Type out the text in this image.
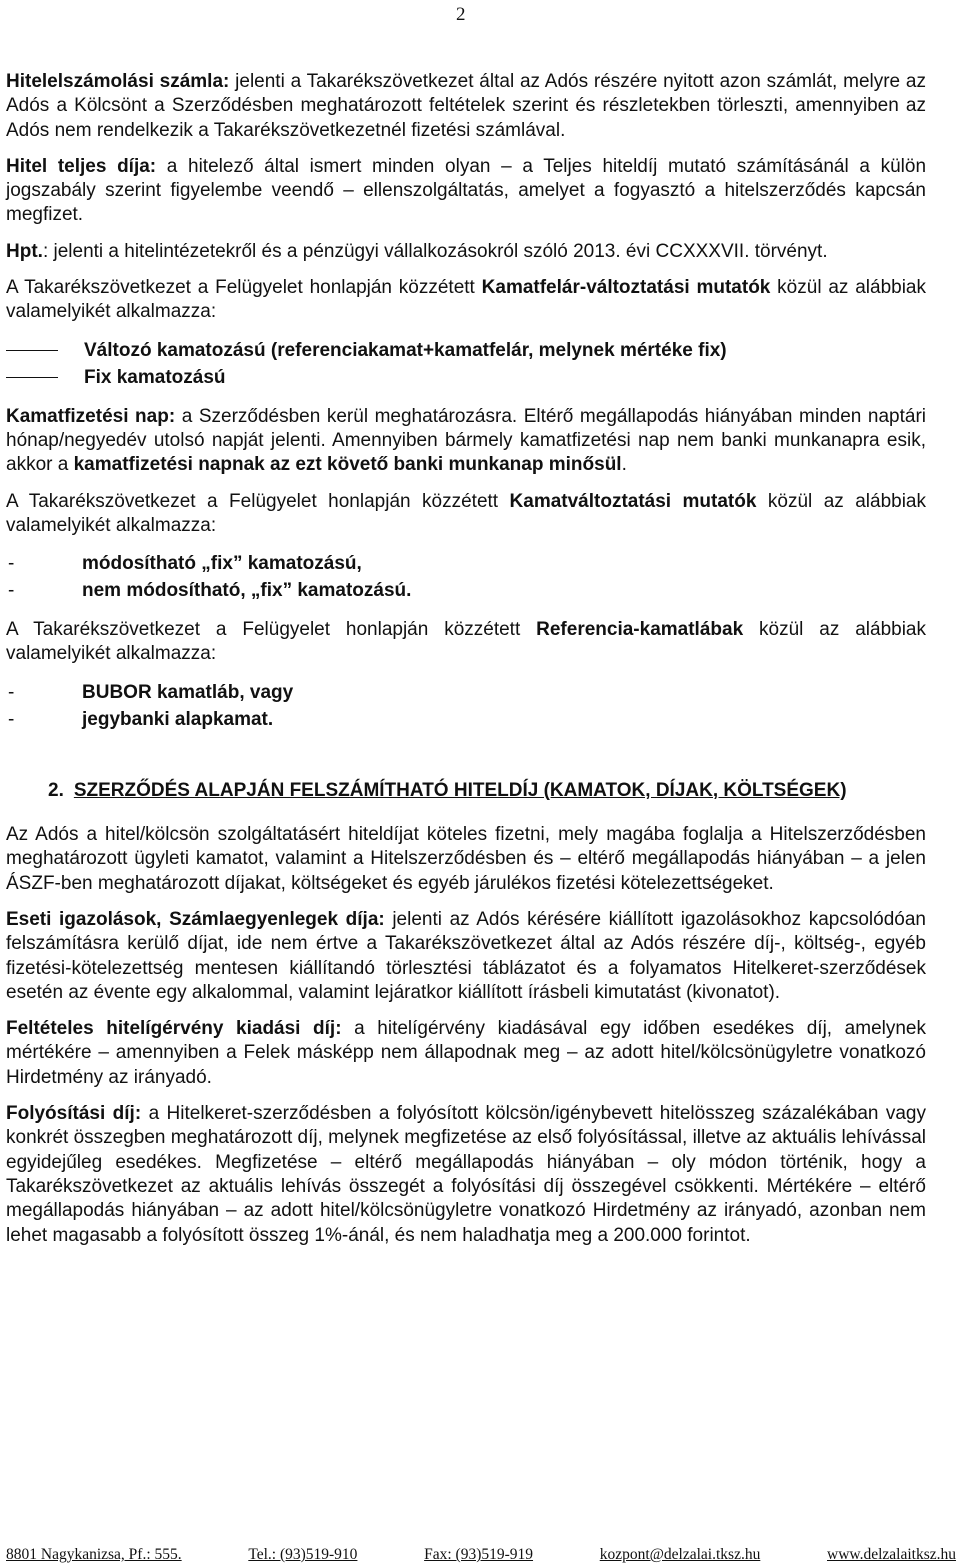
2

Hitelelszámolási számla: jelenti a Takarékszövetkezet által az Adós részére nyitott azon számlát, melyre az Adós a Kölcsönt a Szerződésben meghatározott feltételek szerint és részletekben törleszti, amennyiben az Adós nem rendelkezik a Takarékszövetkezetnél fizetési számlával.

Hitel teljes díja: a hitelező által ismert minden olyan – a Teljes hiteldíj mutató számításánál a külön jogszabály szerint figyelembe veendő – ellenszolgáltatás, amelyet a fogyasztó a hitelszerződés kapcsán megfizet.

Hpt.: jelenti a hitelintézetekről és a pénzügyi vállalkozásokról szóló 2013. évi CCXXXVII. törvényt.

A Takarékszövetkezet a Felügyelet honlapján közzétett Kamatfelár-változtatási mutatók közül az alábbiak valamelyikét alkalmazza:

Változó kamatozású (referenciakamat+kamatfelár, melynek mértéke fix)
Fix kamatozású

Kamatfizetési nap: a Szerződésben kerül meghatározásra. Eltérő megállapodás hiányában minden naptári hónap/negyedév utolsó napját jelenti. Amennyiben bármely kamatfizetési nap nem banki munkanapra esik, akkor a kamatfizetési napnak az ezt követő banki munkanap minősül.

A Takarékszövetkezet a Felügyelet honlapján közzétett Kamatváltoztatási mutatók közül az alábbiak valamelyikét alkalmazza:

- módosítható „fix” kamatozású,
- nem módosítható, „fix” kamatozású.

A Takarékszövetkezet a Felügyelet honlapján közzétett Referencia-kamatlábak közül az alábbiak valamelyikét alkalmazza:

- BUBOR kamatláb, vagy
- jegybanki alapkamat.
2. SZERZŐDÉS ALAPJÁN FELSZÁMÍTHATÓ HITELDÍJ (KAMATOK, DÍJAK, KÖLTSÉGEK)

Az Adós a hitel/kölcsön szolgáltatásért hiteldíjat köteles fizetni, mely magába foglalja a Hitelszerződésben meghatározott ügyleti kamatot, valamint a Hitelszerződésben és – eltérő megállapodás hiányában – a jelen ÁSZF-ben meghatározott díjakat, költségeket és egyéb járulékos fizetési kötelezettségeket.

Eseti igazolások, Számlaegyenlegek díja: jelenti az Adós kérésére kiállított igazolásokhoz kapcsolódóan felszámításra kerülő díjat, ide nem értve a Takarékszövetkezet által az Adós részére díj-, költség-, egyéb fizetési-kötelezettség mentesen kiállítandó törlesztési táblázatot és a folyamatos Hitelkeret-szerződések esetén az évente egy alkalommal, valamint lejáratkor kiállított írásbeli kimutatást (kivonatot).

Feltételes hitelígérvény kiadási díj: a hitelígérvény kiadásával egy időben esedékes díj, amelynek mértékére – amennyiben a Felek másképp nem állapodnak meg – az adott hitel/kölcsönügyletre vonatkozó Hirdetmény az irányadó.

Folyósítási díj: a Hitelkeret-szerződésben a folyósított kölcsön/igénybevett hitelösszeg százalékában vagy konkrét összegben meghatározott díj, melynek megfizetése az első folyósítással, illetve az aktuális lehívással egyidejűleg esedékes. Megfizetése – eltérő megállapodás hiányában – oly módon történik, hogy a Takarékszövetkezet az aktuális lehívás összegét a folyósítási díj összegével csökkenti. Mértékére – eltérő megállapodás hiányában – az adott hitel/kölcsönügyletre vonatkozó Hirdetmény az irányadó, azonban nem lehet magasabb a folyósított összeg 1%-ánál, és nem haladhatja meg a 200.000 forintot.

8801 Nagykanizsa, Pf.: 555.	Tel.: (93)519-910	Fax: (93)519-919	kozpont@delzalai.tksz.hu	www.delzalaitksz.hu
